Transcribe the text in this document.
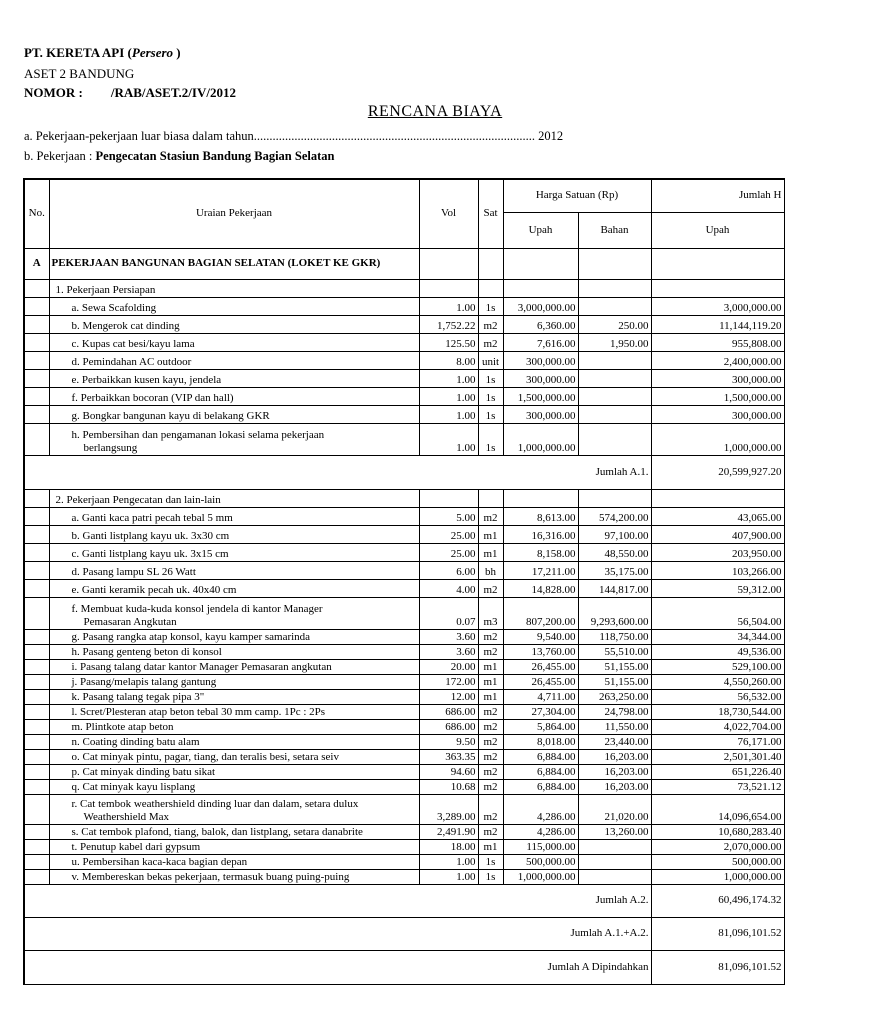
PT. KERETA API (Persero )
ASET 2 BANDUNG
NOMOR : /RAB/ASET.2/IV/2012
RENCANA BIAYA
a. Pekerjaan-pekerjaan luar biasa dalam tahun.......................................................................................... 2012
b. Pekerjaan : Pengecatan Stasiun Bandung Bagian Selatan
No.	Uraian Pekerjaan	Vol	Sat	Harga Satuan (Rp)		Jumlah H
				Upah	Bahan	Upah
A	PEKERJAAN BANGUNAN BAGIAN SELATAN (LOKET KE GKR)					
	1. Pekerjaan Persiapan					
	a. Sewa Scafolding	1.00	1s	3,000,000.00		3,000,000.00
	b. Mengerok cat dinding	1,752.22	m2	6,360.00	250.00	11,144,119.20
	c. Kupas cat besi/kayu lama	125.50	m2	7,616.00	1,950.00	955,808.00
	d. Pemindahan AC outdoor	8.00	unit	300,000.00		2,400,000.00
	e. Perbaikkan kusen kayu, jendela	1.00	1s	300,000.00		300,000.00
	f. Perbaikkan bocoran (VIP dan hall)	1.00	1s	1,500,000.00		1,500,000.00
	g. Bongkar bangunan kayu di belakang GKR	1.00	1s	300,000.00		300,000.00

	h. Pembersihan dan pengamanan lokasi selama pekerjaan
berlangsung	1.00	1s	1,000,000.00		1,000,000.00
Jumlah A.1.						20,599,927.20
	2. Pekerjaan Pengecatan dan lain-lain					
	a. Ganti kaca patri pecah tebal 5 mm	5.00	m2	8,613.00	574,200.00	43,065.00
	b. Ganti listplang kayu uk. 3x30 cm	25.00	m1	16,316.00	97,100.00	407,900.00
	c. Ganti listplang kayu uk. 3x15 cm	25.00	m1	8,158.00	48,550.00	203,950.00
	d. Pasang lampu SL 26 Watt	6.00	bh	17,211.00	35,175.00	103,266.00
	e. Ganti keramik pecah uk. 40x40 cm	4.00	m2	14,828.00	144,817.00	59,312.00

	f. Membuat kuda-kuda konsol jendela di kantor Manager
Pemasaran Angkutan	0.07	m3	807,200.00	9,293,600.00	56,504.00
	g. Pasang rangka atap konsol, kayu kamper samarinda	3.60	m2	9,540.00	118,750.00	34,344.00
	h. Pasang genteng beton di konsol	3.60	m2	13,760.00	55,510.00	49,536.00
	i. Pasang talang datar kantor Manager Pemasaran angkutan	20.00	m1	26,455.00	51,155.00	529,100.00
	j. Pasang/melapis talang gantung	172.00	m1	26,455.00	51,155.00	4,550,260.00
	k. Pasang talang tegak pipa 3"	12.00	m1	4,711.00	263,250.00	56,532.00
	l. Scret/Plesteran atap beton tebal 30 mm camp. 1Pc : 2Ps	686.00	m2	27,304.00	24,798.00	18,730,544.00
	m. Plintkote atap beton	686.00	m2	5,864.00	11,550.00	4,022,704.00
	n. Coating dinding batu alam	9.50	m2	8,018.00	23,440.00	76,171.00
	o. Cat minyak pintu, pagar, tiang, dan teralis besi, setara seiv	363.35	m2	6,884.00	16,203.00	2,501,301.40
	p. Cat minyak dinding batu sikat	94.60	m2	6,884.00	16,203.00	651,226.40
	q. Cat minyak kayu lisplang	10.68	m2	6,884.00	16,203.00	73,521.12

	r. Cat tembok weathershield dinding luar dan dalam, setara dulux
Weathershield Max	3,289.00	m2	4,286.00	21,020.00	14,096,654.00
	s. Cat tembok plafond, tiang, balok, dan listplang, setara danabrite	2,491.90	m2	4,286.00	13,260.00	10,680,283.40
	t. Penutup kabel dari gypsum	18.00	m1	115,000.00		2,070,000.00
	u. Pembersihan kaca-kaca bagian depan	1.00	1s	500,000.00		500,000.00
	v. Membereskan bekas pekerjaan, termasuk buang puing-puing	1.00	1s	1,000,000.00		1,000,000.00
Jumlah A.2.						60,496,174.32
Jumlah A.1.+A.2.						81,096,101.52
Jumlah A Dipindahkan						81,096,101.52
